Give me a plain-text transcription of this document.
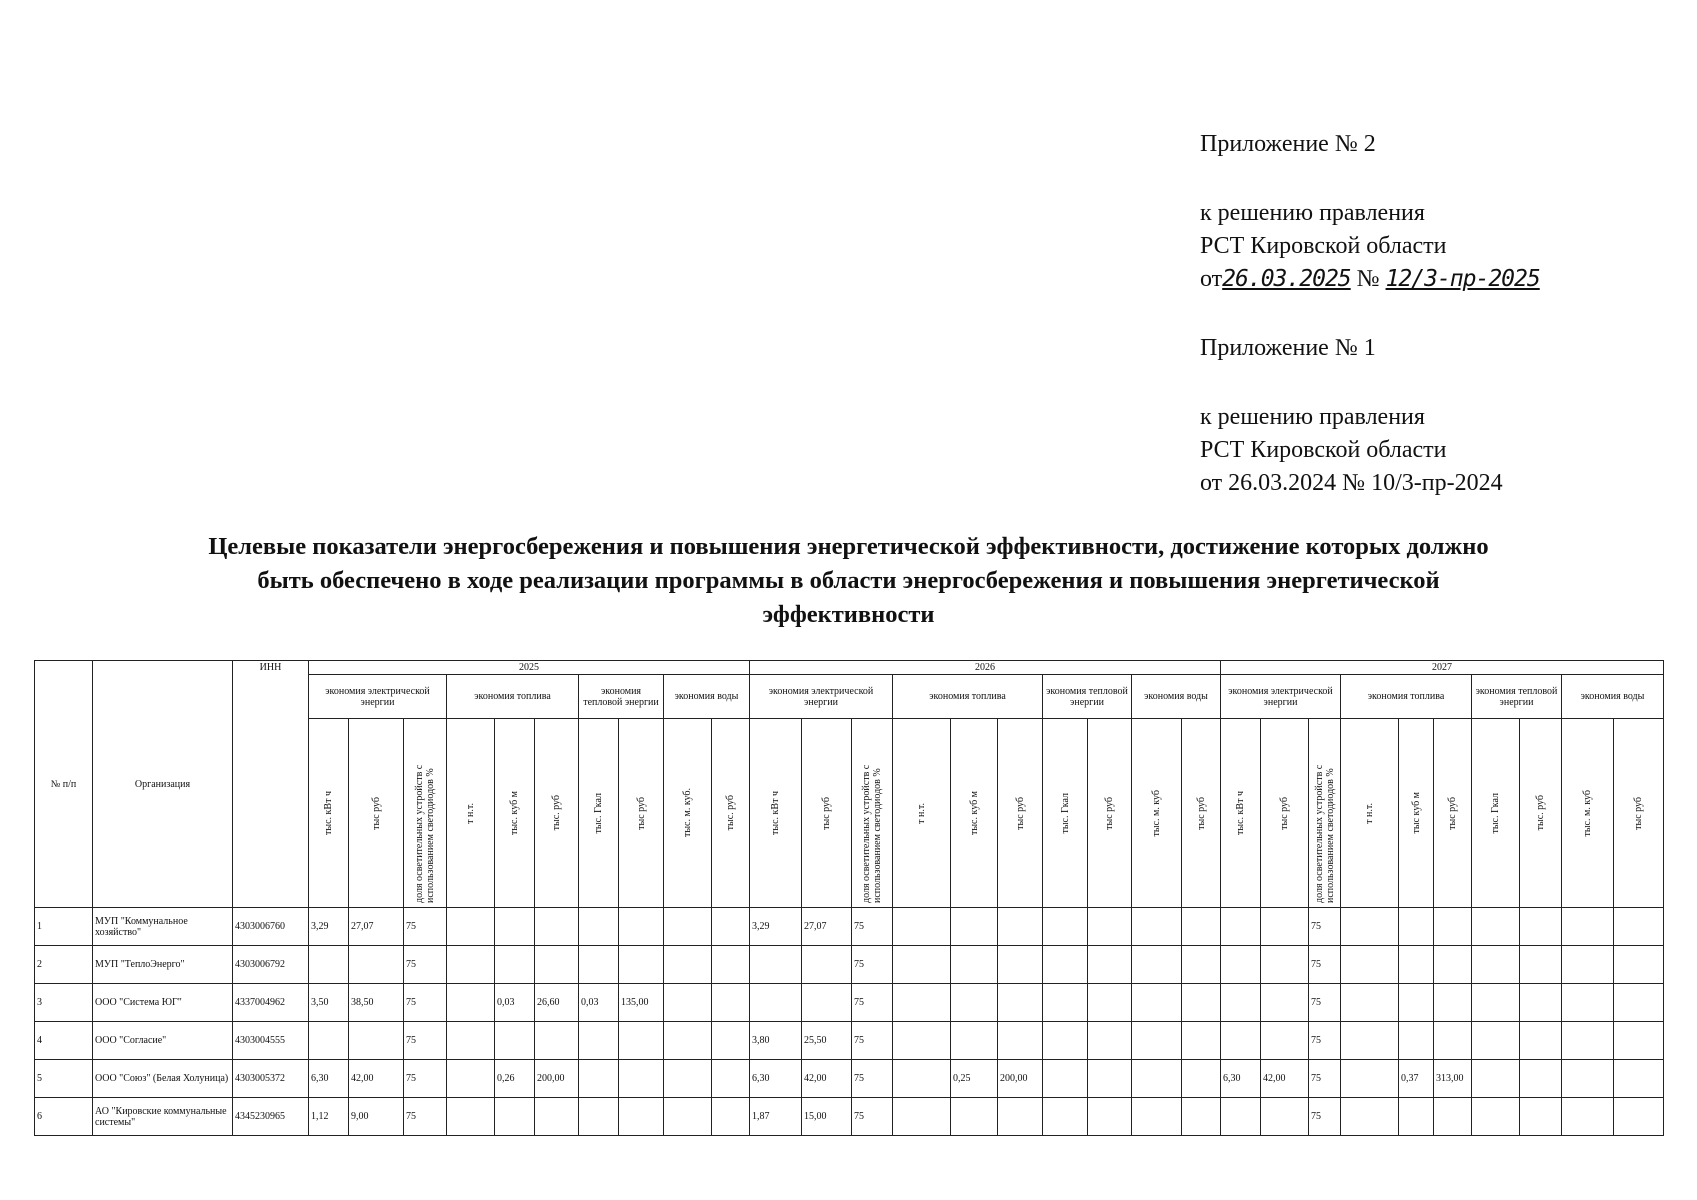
Приложение № 2

к решению правления

РСТ Кировской области

от26.03.2025 № 12/3-пр-2025

Приложение № 1

к решению правления

РСТ Кировской области

от 26.03.2024 № 10/3-пр-2024

Целевые показатели энергосбережения и повышения энергетической эффективности, достижение которых должно
быть обеспечено в ходе реализации программы в области энергосбережения и повышения энергетической
эффективности
№ п/п	Организация	ИНН	2025										2026										2027									
			экономия электрической энергии			экономия топлива			экономия тепловой энергии		экономия воды		экономия электрической энергии			экономия топлива			экономия тепловой энергии		экономия воды		экономия электрической энергии			экономия топлива			экономия тепловой энергии		экономия воды	

			тыс. кВт ч	тыс руб	доля осветительных устройств с использованием светодиодов %	т н.т.	тыс. куб м	тыс. руб	тыс. Гкал	тыс руб	тыс. м. куб.	тыс. руб	тыс. кВт ч	тыс руб	доля осветительных устройств с использованием светодиодов %	т н.т.	тыс. куб м	тыс руб	тыс. Гкал	тыс руб	тыс. м. куб	тыс руб	тыс. кВт ч	тыс руб	доля осветительных устройств с использованием светодиодов %	т н.т.	тыс куб м	тыс руб	тыс. Гкал	тыс. руб	тыс. м. куб	тыс руб

1	МУП "Коммунальное хозяйство"	4303006760	3,29	27,07	75								3,29	27,07	75										75							
2	МУП "ТеплоЭнерго"	4303006792			75										75										75							
3	ООО "Система ЮГ"	4337004962	3,50	38,50	75		0,03	26,60	0,03	135,00					75										75							
4	ООО "Согласие"	4303004555			75								3,80	25,50	75										75							
5	ООО "Союз" (Белая Холуница)	4303005372	6,30	42,00	75		0,26	200,00					6,30	42,00	75		0,25	200,00					6,30	42,00	75		0,37	313,00				
6	АО "Кировские коммунальные системы"	4345230965	1,12	9,00	75								1,87	15,00	75										75							
